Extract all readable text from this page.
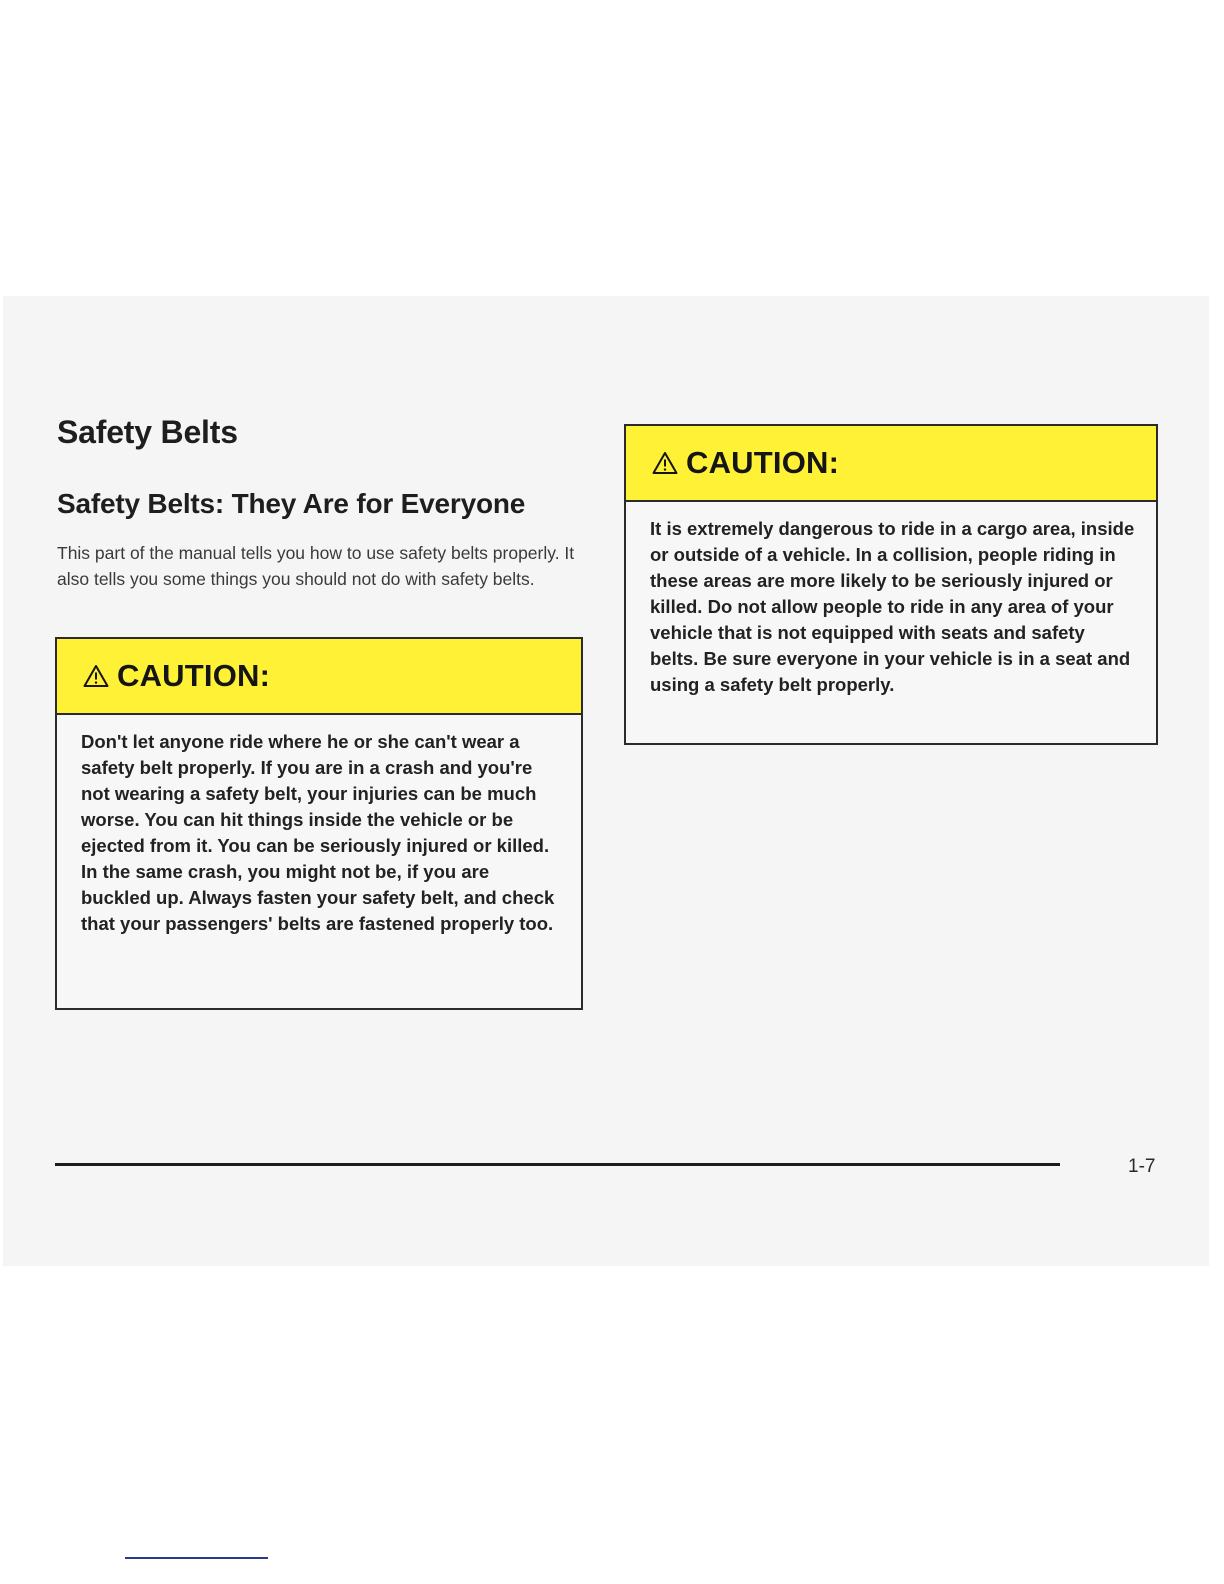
Safety Belts
Safety Belts: They Are for Everyone

This part of the manual tells you how to use safety belts properly. It also tells you some things you should not do with safety belts.

CAUTION:

Don't let anyone ride where he or she can't wear a safety belt properly. If you are in a crash and you're not wearing a safety belt, your injuries can be much worse. You can hit things inside the vehicle or be ejected from it. You can be seriously injured or killed. In the same crash, you might not be, if you are buckled up. Always fasten your safety belt, and check that your passengers' belts are fastened properly too.

CAUTION:

It is extremely dangerous to ride in a cargo area, inside or outside of a vehicle. In a collision, people riding in these areas are more likely to be seriously injured or killed. Do not allow people to ride in any area of your vehicle that is not equipped with seats and safety belts. Be sure everyone in your vehicle is in a seat and using a safety belt properly.

1-7
